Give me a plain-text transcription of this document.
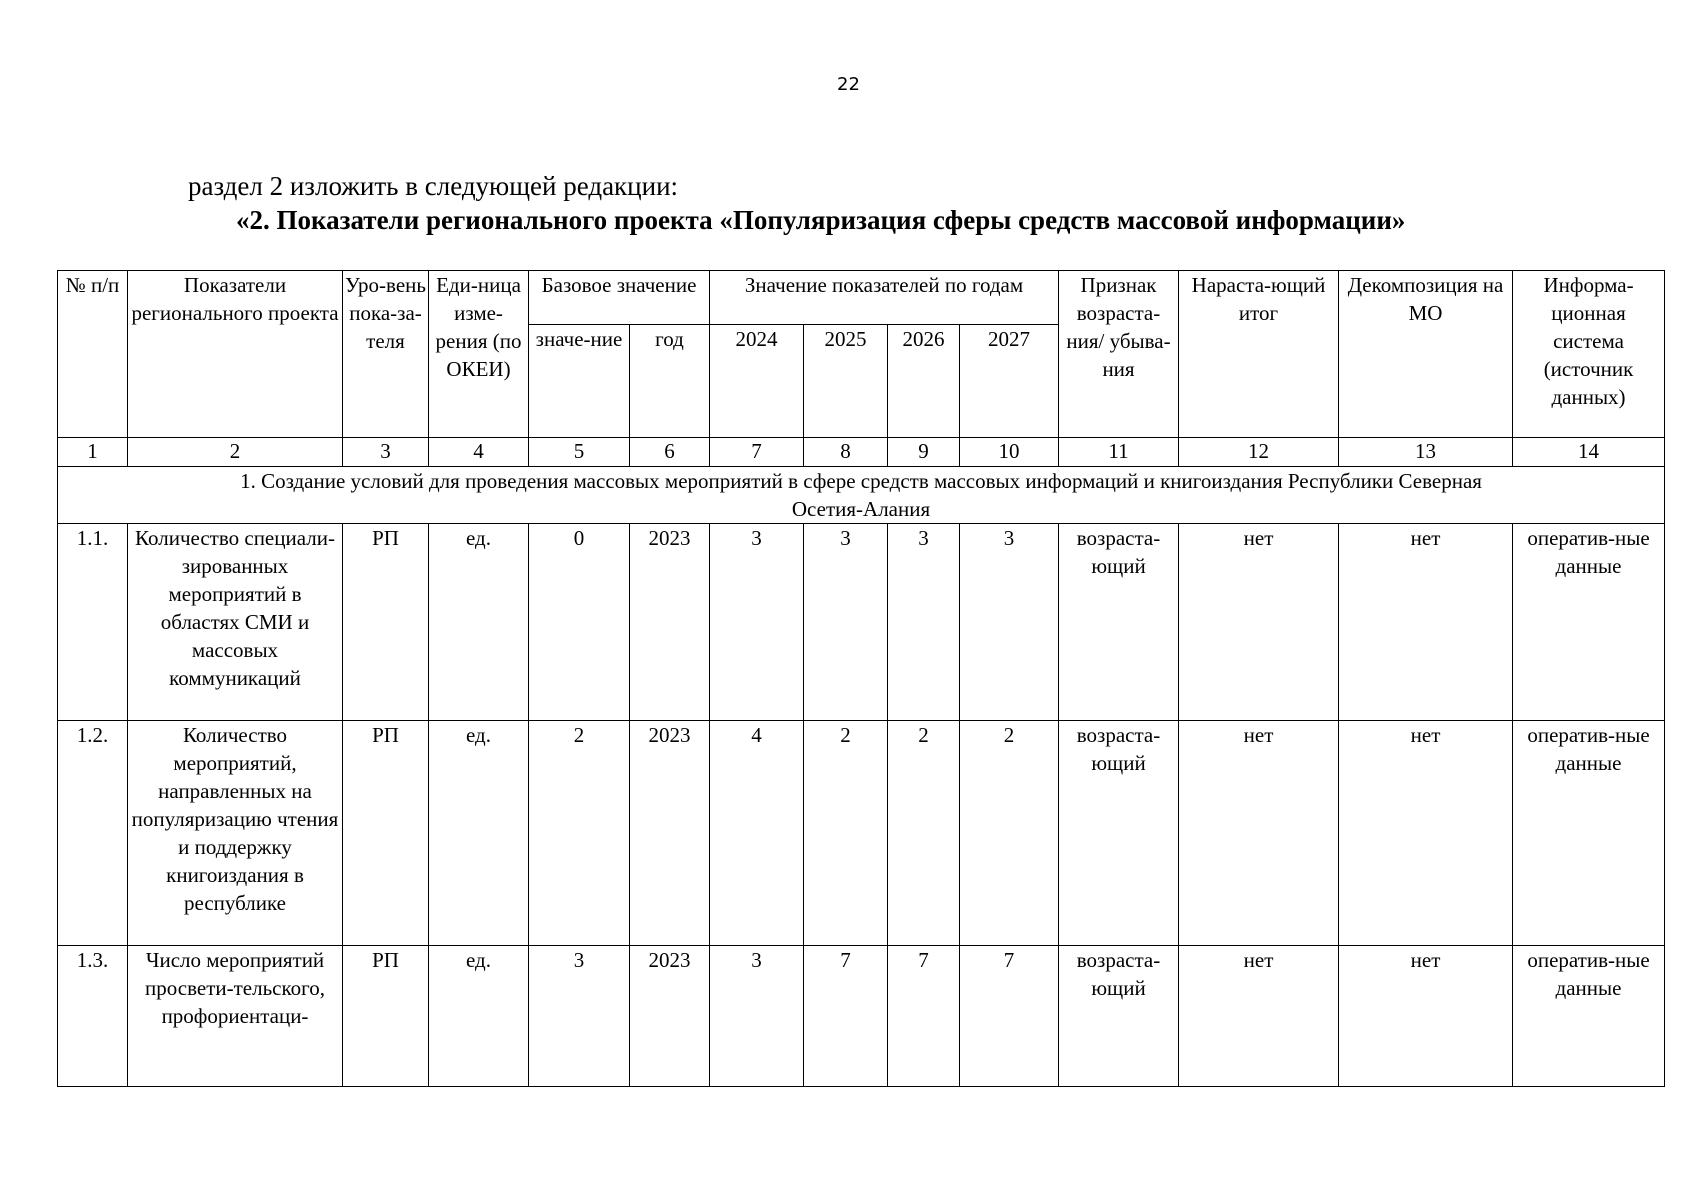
22
раздел 2 изложить в следующей редакции:
«2. Показатели регионального проекта «Популяризация сферы средств массовой информации»
№ п/п	Показатели регионального проекта	Уро-вень пока-за-теля	Еди-ница изме-рения (по ОКЕИ)	Базовое значение		Значение показателей по годам				Признак возраста-ния/ убыва-ния	Нараста-ющий итог	Декомпозиция на МО	Информа-ционная система (источник данных)
				значе-ние	год	2024	2025	2026	2027				
1	2	3	4	5	6	7	8	9	10	11	12	13	14
1. Создание условий для проведения массовых мероприятий в сфере средств массовых информаций и книгоиздания Республики Северная Осетия-Алания													
1.1.	Количество специали-зированных мероприятий в областях СМИ и массовых коммуникаций	РП	ед.	0	2023	3	3	3	3	возраста-ющий	нет	нет	оператив-ные данные
1.2.	Количество мероприятий, направленных на популяризацию чтения и поддержку книгоиздания в республике	РП	ед.	2	2023	4	2	2	2	возраста-ющий	нет	нет	оператив-ные данные
1.3.	Число мероприятий просвети-тельского, профориентаци-	РП	ед.	3	2023	3	7	7	7	возраста-ющий	нет	нет	оператив-ные данные
